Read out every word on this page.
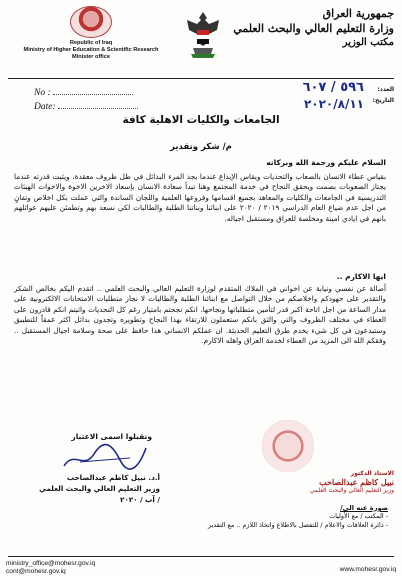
Republic of Iraq
Ministry of Higher Education & Scientific Research
Minister office
جمهورية العراق
وزارة التعليم العالي والبحث العلمي
مكتب الوزير
No :
Date:
العدد:
التاريخ:
٥٩٦ / ٦٠٧
٢٠٢٠/٨/١١
الجامعات والكليات الاهلية كافة
م/ شكر وتقدير
السلام عليكم ورحمة الله وبركاته
بقياس عطاء الانسان بالصعاب والتحديات ويقاس الإبداع عندما يجد المرء البدائل في ظل ظروف معقدة، ويثبت قدرته عندما يجتاز الصعوبات بصمت ويحقق النجاح في خدمة المجتمع وهنا تبدأ سعادة الانسان بإسعاد الاخرين الاخوة والاخوات الهيئات التدريسية في الجامعات والكليات والمعاهد بجميع اقسامها وفروعها العلمية واللجان الساندة والتي عملت بكل اخلاص وتفانٍ من اجل عدم ضياع العام الدراسي ٢٠١٩ / ٢٠٢٠ على ابنائنا وبناتنا الطلبة والطالبات لكي نسعد بهم وتطمئن عليهم عوائلهم بانهم في ايادي امينة ومخلصة للعراق ومستقبل اجياله.
ايها الاكارم ..
أصالة عن نفسي ونيابة عن اخواني في الملاك المتقدم لوزارة التعليم العالي والبحث العلمي .. اتقدم اليكم بخالص الشكر والتقدير على جهودكم واخلاصكم من خلال التواصل مع ابنائنا الطلبة والطالبات لا نجاز متطلبات الامتحانات الالكترونية على مدار الساعة من اجل اتاحة اكبر قدر لتأمين متطلباتها ونجاحها. انكم نجحتم بامتياز رغم كل التحديات واثبتم انكم قادرون على العطاء في مختلف الظروف والتي والثق بانكم ستعملون للارتقاء بهذا النجاح وتطويره وتجدون بدائل اكثر عمقاً للتطبيق وستبدعون في كل شيء يخدم طرق التعليم الحديثة. ان عملكم الانساني هذا حافظ على صحة وسلامة اجيال المستقبل .. وفقكم الله الى المزيد من العطاء لخدمة العراق واهله الاكارم.
وتقبلوا اسمى الاعتبار
أ.د. نبيل كاظم عبدالصاحب
وزير التعليم العالي والبحث العلمي
/ آب / ٢٠٢٠
الاستاذ الدكتور
نبيل كاظم عبدالصاحب
وزير التعليم العالي والبحث العلمي
صورة عنه الى/
- المكتب / مع الأوليات
- دائرة العلاقات والاعلام / للتفضل بالاطلاع واتخاذ اللازم .. مع التقدير
ministry_office@mohesr.gov.iq
cont@mohesr.gov.iq	www.mohesr.gov.iq
